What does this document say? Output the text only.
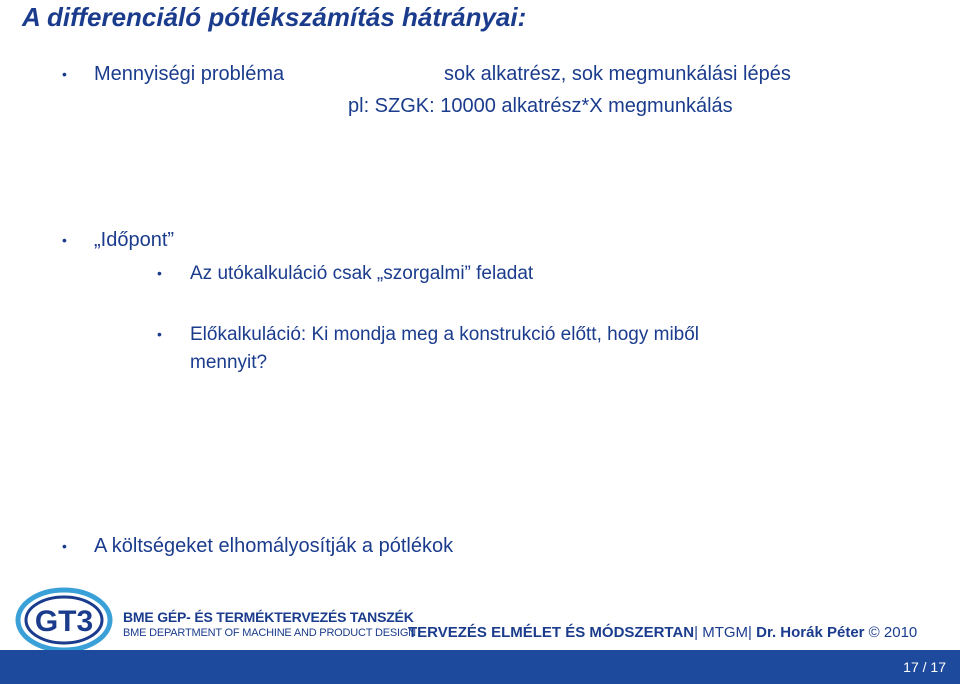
A differenciáló pótlékszámítás hátrányai:
• Mennyiségi probléma	sok alkatrész, sok megmunkálási lépés
pl: SZGK: 10000 alkatrész*X megmunkálás
• „Időpont”
• Az utókalkuláció csak „szorgalmi” feladat
• Előkalkuláció: Ki mondja meg a konstrukció előtt, hogy miből
mennyit?
• A költségeket elhomályosítják a pótlékok
GT3 BME GÉP- ÉS TERMÉKTERVEZÉS TANSZÉK
BME DEPARTMENT OF MACHINE AND PRODUCT DESIGN
TERVEZÉS ELMÉLET ÉS MÓDSZERTAN| MTGM| Dr. Horák Péter © 2010
17 / 17
